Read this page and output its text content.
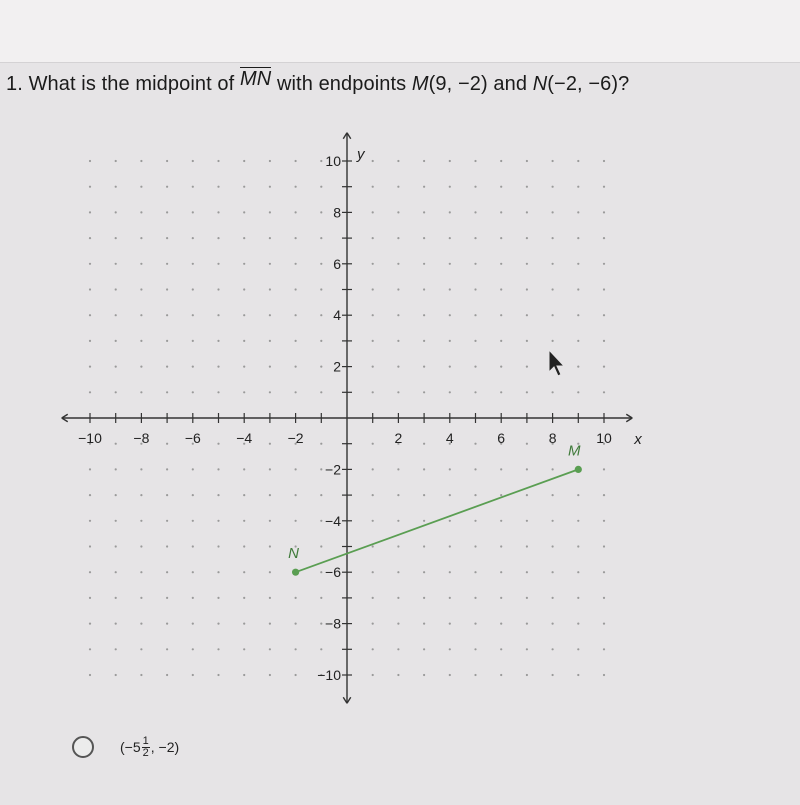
1. What is the midpoint of MN with endpoints M(9, −2) and N(−2, −6)?
−10 −8	−6	−4	−2	2	4	6	8	10
10
8
6
4
2
−2
−4
−6
−8
−10
x
y
M
N
($-5 \frac{1}{2}$ , −2)
